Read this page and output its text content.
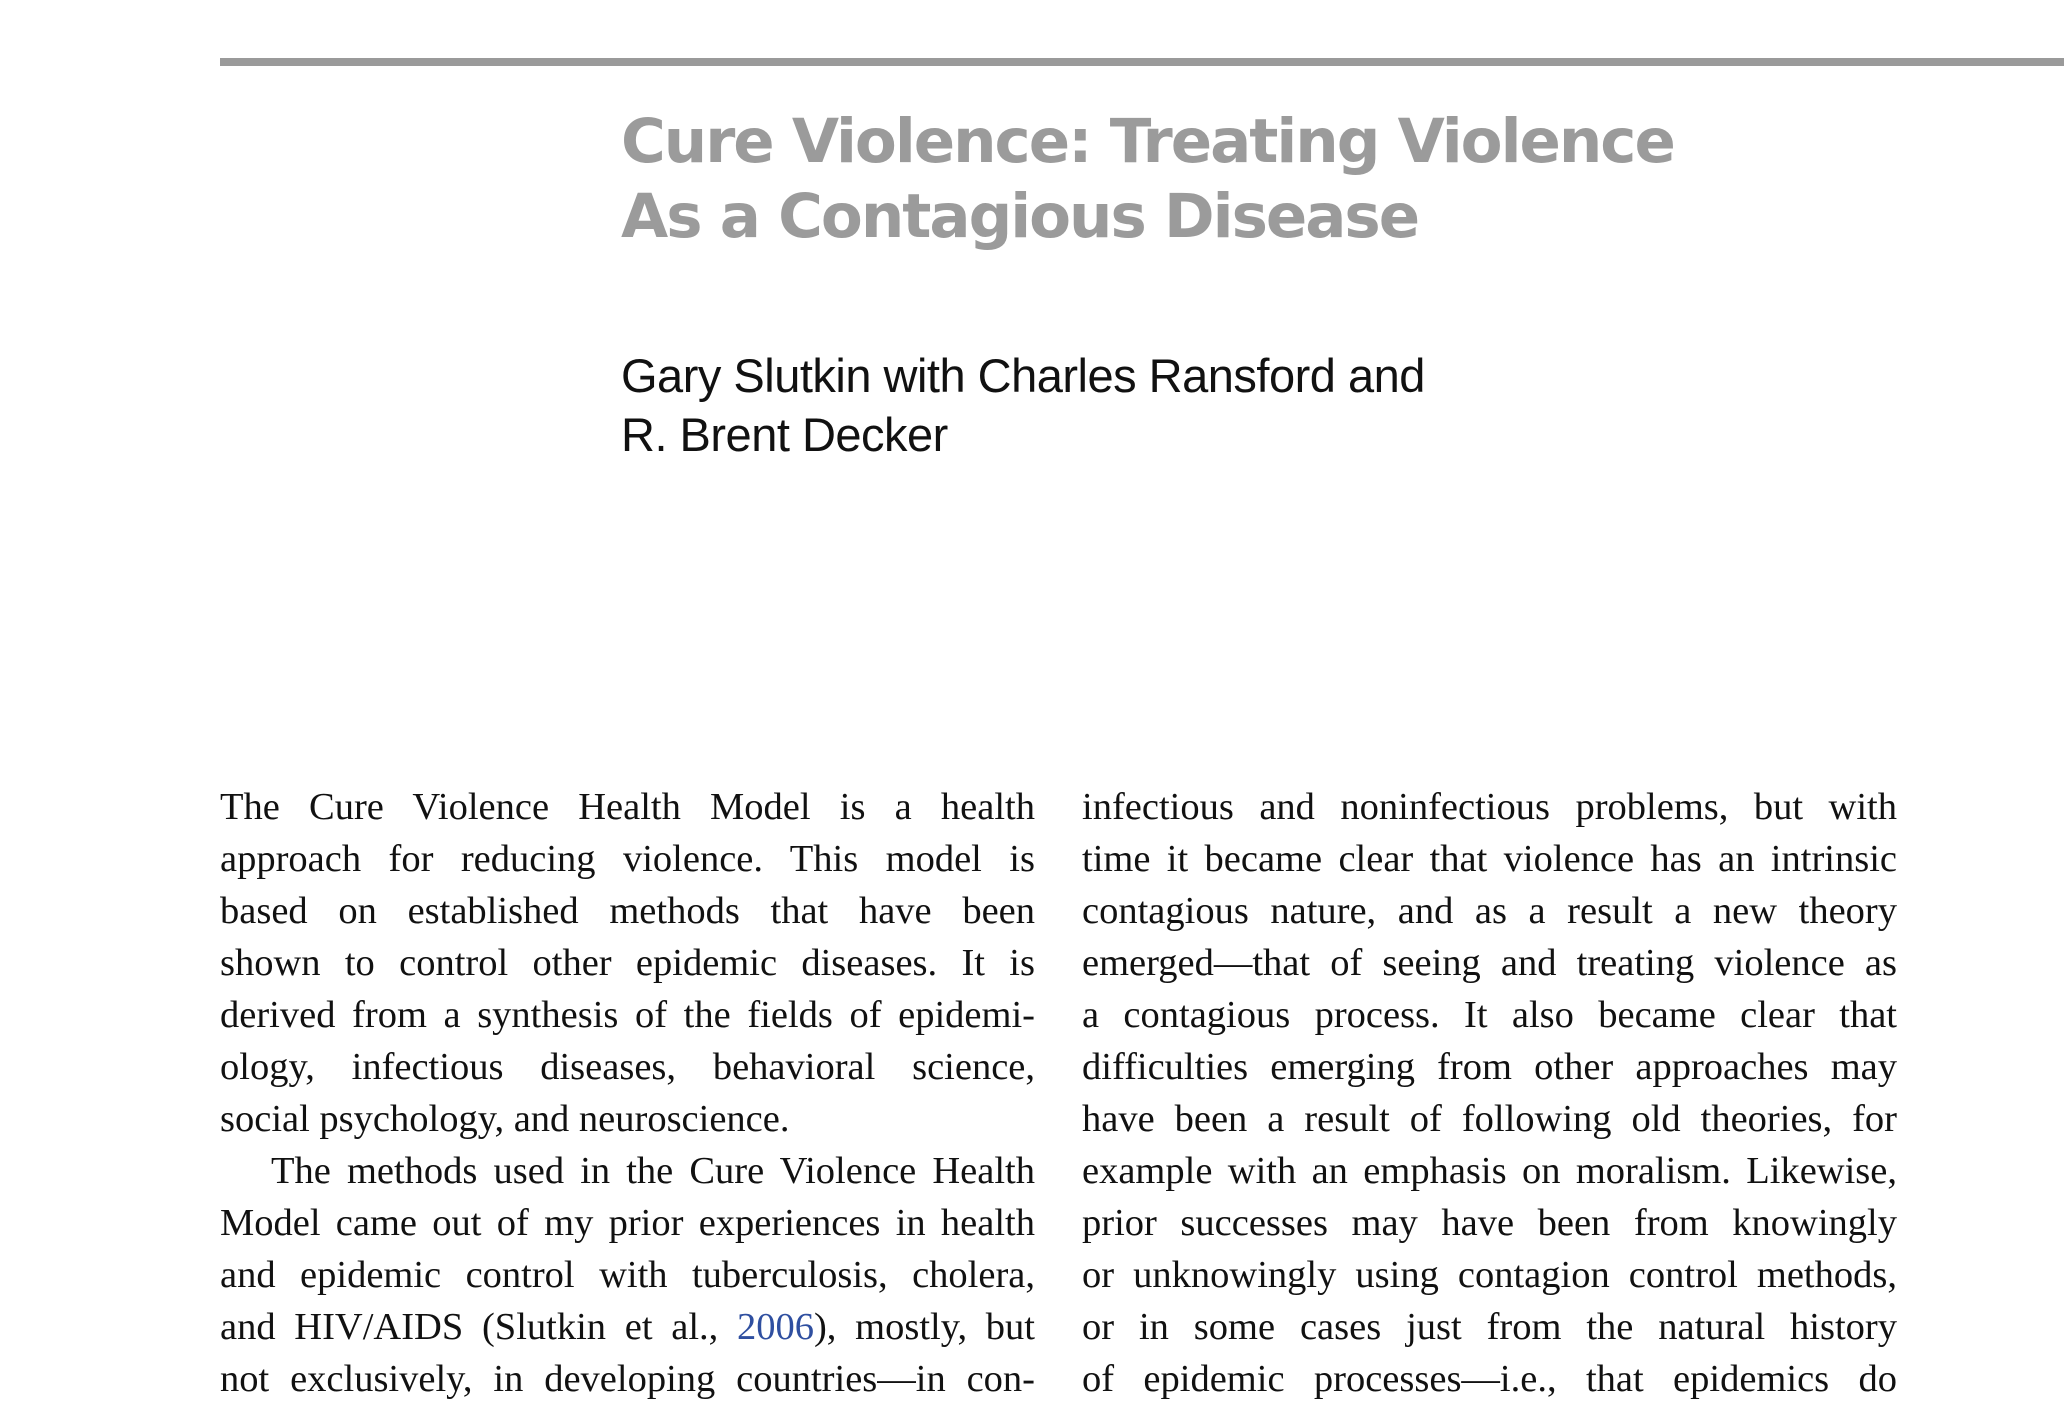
Cure Violence: Treating Violence
As a Contagious Disease
Gary Slutkin with Charles Ransford and
R. Brent Decker
The Cure Violence Health Model is a health
approach for reducing violence. This model is
based on established methods that have been
shown to control other epidemic diseases. It is
derived from a synthesis of the fields of epidemi-
ology, infectious diseases, behavioral science,
social psychology, and neuroscience.
The methods used in the Cure Violence Health
Model came out of my prior experiences in health
and epidemic control with tuberculosis, cholera,
and HIV/AIDS (Slutkin et al., 2006), mostly, but
not exclusively, in developing countries—in con-
infectious and noninfectious problems, but with
time it became clear that violence has an intrinsic
contagious nature, and as a result a new theory
emerged—that of seeing and treating violence as
a contagious process. It also became clear that
difficulties emerging from other approaches may
have been a result of following old theories, for
example with an emphasis on moralism. Likewise,
prior successes may have been from knowingly
or unknowingly using contagion control methods,
or in some cases just from the natural history
of epidemic processes—i.e., that epidemics do
